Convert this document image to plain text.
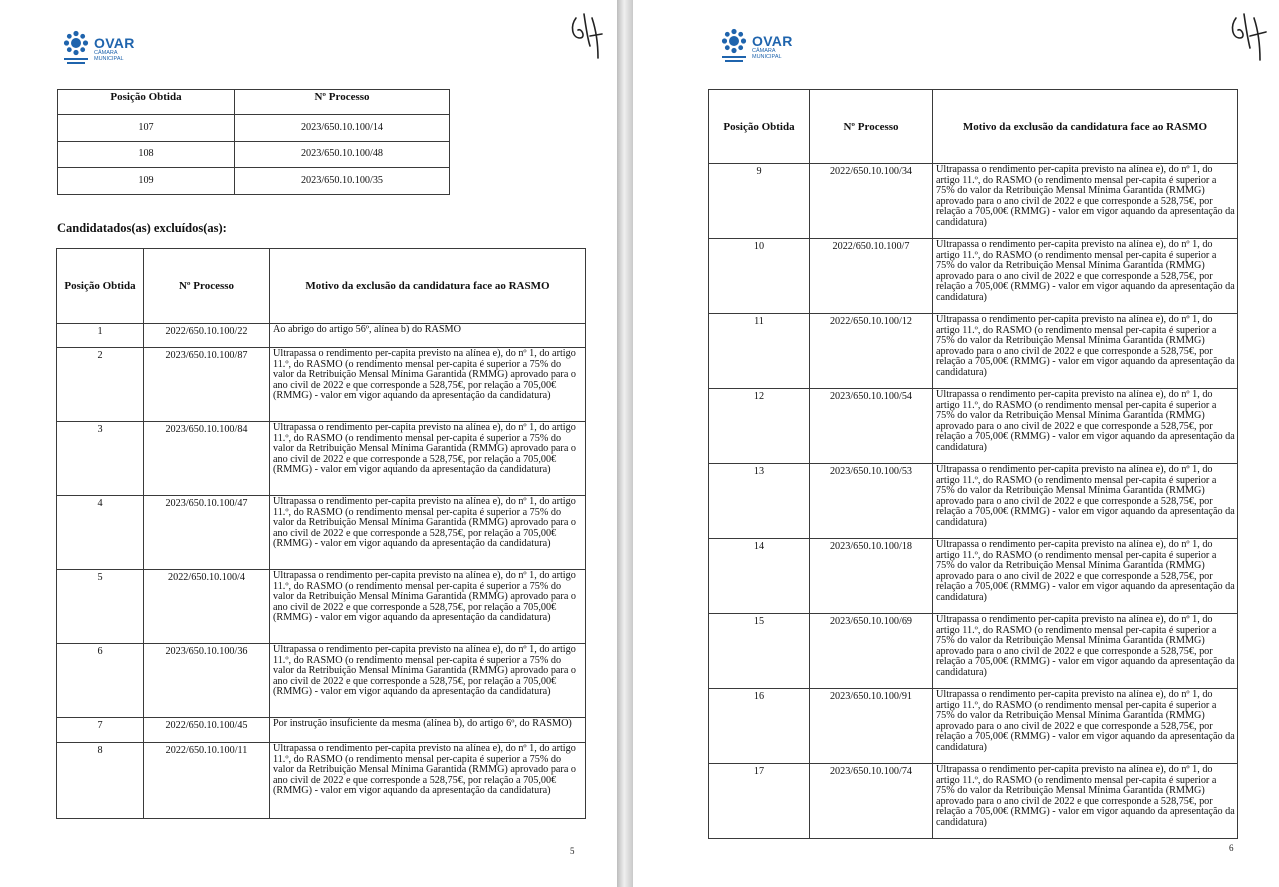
OVAR
CÂMARA
MUNICIPAL
Posição Obtida	Nº Processo
107	2023/650.10.100/14
108	2023/650.10.100/48
109	2023/650.10.100/35
Candidatados(as) excluídos(as):
Posição Obtida	Nº Processo	Motivo da exclusão da candidatura face ao RASMO
1	2022/650.10.100/22	Ao abrigo do artigo 56º, alínea b) do RASMO
2	2023/650.10.100/87	Ultrapassa o rendimento per-capita previsto na alínea e), do nº 1, do artigo 11.º, do RASMO (o rendimento mensal per-capita é superior a 75% do valor da Retribuição Mensal Mínima Garantida (RMMG) aprovado para o ano civil de 2022 e que corresponde a 528,75€, por relação a 705,00€ (RMMG) - valor em vigor aquando da apresentação da candidatura)
3	2023/650.10.100/84	Ultrapassa o rendimento per-capita previsto na alínea e), do nº 1, do artigo 11.º, do RASMO (o rendimento mensal per-capita é superior a 75% do valor da Retribuição Mensal Mínima Garantida (RMMG) aprovado para o ano civil de 2022 e que corresponde a 528,75€, por relação a 705,00€ (RMMG) - valor em vigor aquando da apresentação da candidatura)
4	2023/650.10.100/47	Ultrapassa o rendimento per-capita previsto na alínea e), do nº 1, do artigo 11.º, do RASMO (o rendimento mensal per-capita é superior a 75% do valor da Retribuição Mensal Mínima Garantida (RMMG) aprovado para o ano civil de 2022 e que corresponde a 528,75€, por relação a 705,00€ (RMMG) - valor em vigor aquando da apresentação da candidatura)
5	2022/650.10.100/4	Ultrapassa o rendimento per-capita previsto na alínea e), do nº 1, do artigo 11.º, do RASMO (o rendimento mensal per-capita é superior a 75% do valor da Retribuição Mensal Mínima Garantida (RMMG) aprovado para o ano civil de 2022 e que corresponde a 528,75€, por relação a 705,00€ (RMMG) - valor em vigor aquando da apresentação da candidatura)
6	2023/650.10.100/36	Ultrapassa o rendimento per-capita previsto na alínea e), do nº 1, do artigo 11.º, do RASMO (o rendimento mensal per-capita é superior a 75% do valor da Retribuição Mensal Mínima Garantida (RMMG) aprovado para o ano civil de 2022 e que corresponde a 528,75€, por relação a 705,00€ (RMMG) - valor em vigor aquando da apresentação da candidatura)
7	2022/650.10.100/45	Por instrução insuficiente da mesma (alínea b), do artigo 6º, do RASMO)
8	2022/650.10.100/11	Ultrapassa o rendimento per-capita previsto na alínea e), do nº 1, do artigo 11.º, do RASMO (o rendimento mensal per-capita é superior a 75% do valor da Retribuição Mensal Mínima Garantida (RMMG) aprovado para o ano civil de 2022 e que corresponde a 528,75€, por relação a 705,00€ (RMMG) - valor em vigor aquando da apresentação da candidatura)
5
OVAR
CÂMARA
MUNICIPAL
Posição Obtida	Nº Processo	Motivo da exclusão da candidatura face ao RASMO
9	2022/650.10.100/34	Ultrapassa o rendimento per-capita previsto na alínea e), do nº 1, do artigo 11.º, do RASMO (o rendimento mensal per-capita é superior a 75% do valor da Retribuição Mensal Mínima Garantida (RMMG) aprovado para o ano civil de 2022 e que corresponde a 528,75€, por relação a 705,00€ (RMMG) - valor em vigor aquando da apresentação da candidatura)
10	2022/650.10.100/7	Ultrapassa o rendimento per-capita previsto na alínea e), do nº 1, do artigo 11.º, do RASMO (o rendimento mensal per-capita é superior a 75% do valor da Retribuição Mensal Mínima Garantida (RMMG) aprovado para o ano civil de 2022 e que corresponde a 528,75€, por relação a 705,00€ (RMMG) - valor em vigor aquando da apresentação da candidatura)
11	2022/650.10.100/12	Ultrapassa o rendimento per-capita previsto na alínea e), do nº 1, do artigo 11.º, do RASMO (o rendimento mensal per-capita é superior a 75% do valor da Retribuição Mensal Mínima Garantida (RMMG) aprovado para o ano civil de 2022 e que corresponde a 528,75€, por relação a 705,00€ (RMMG) - valor em vigor aquando da apresentação da candidatura)
12	2023/650.10.100/54	Ultrapassa o rendimento per-capita previsto na alínea e), do nº 1, do artigo 11.º, do RASMO (o rendimento mensal per-capita é superior a 75% do valor da Retribuição Mensal Mínima Garantida (RMMG) aprovado para o ano civil de 2022 e que corresponde a 528,75€, por relação a 705,00€ (RMMG) - valor em vigor aquando da apresentação da candidatura)
13	2023/650.10.100/53	Ultrapassa o rendimento per-capita previsto na alínea e), do nº 1, do artigo 11.º, do RASMO (o rendimento mensal per-capita é superior a 75% do valor da Retribuição Mensal Mínima Garantida (RMMG) aprovado para o ano civil de 2022 e que corresponde a 528,75€, por relação a 705,00€ (RMMG) - valor em vigor aquando da apresentação da candidatura)
14	2023/650.10.100/18	Ultrapassa o rendimento per-capita previsto na alínea e), do nº 1, do artigo 11.º, do RASMO (o rendimento mensal per-capita é superior a 75% do valor da Retribuição Mensal Mínima Garantida (RMMG) aprovado para o ano civil de 2022 e que corresponde a 528,75€, por relação a 705,00€ (RMMG) - valor em vigor aquando da apresentação da candidatura)
15	2023/650.10.100/69	Ultrapassa o rendimento per-capita previsto na alínea e), do nº 1, do artigo 11.º, do RASMO (o rendimento mensal per-capita é superior a 75% do valor da Retribuição Mensal Mínima Garantida (RMMG) aprovado para o ano civil de 2022 e que corresponde a 528,75€, por relação a 705,00€ (RMMG) - valor em vigor aquando da apresentação da candidatura)
16	2023/650.10.100/91	Ultrapassa o rendimento per-capita previsto na alínea e), do nº 1, do artigo 11.º, do RASMO (o rendimento mensal per-capita é superior a 75% do valor da Retribuição Mensal Mínima Garantida (RMMG) aprovado para o ano civil de 2022 e que corresponde a 528,75€, por relação a 705,00€ (RMMG) - valor em vigor aquando da apresentação da candidatura)
17	2023/650.10.100/74	Ultrapassa o rendimento per-capita previsto na alínea e), do nº 1, do artigo 11.º, do RASMO (o rendimento mensal per-capita é superior a 75% do valor da Retribuição Mensal Mínima Garantida (RMMG) aprovado para o ano civil de 2022 e que corresponde a 528,75€, por relação a 705,00€ (RMMG) - valor em vigor aquando da apresentação da candidatura)
6
